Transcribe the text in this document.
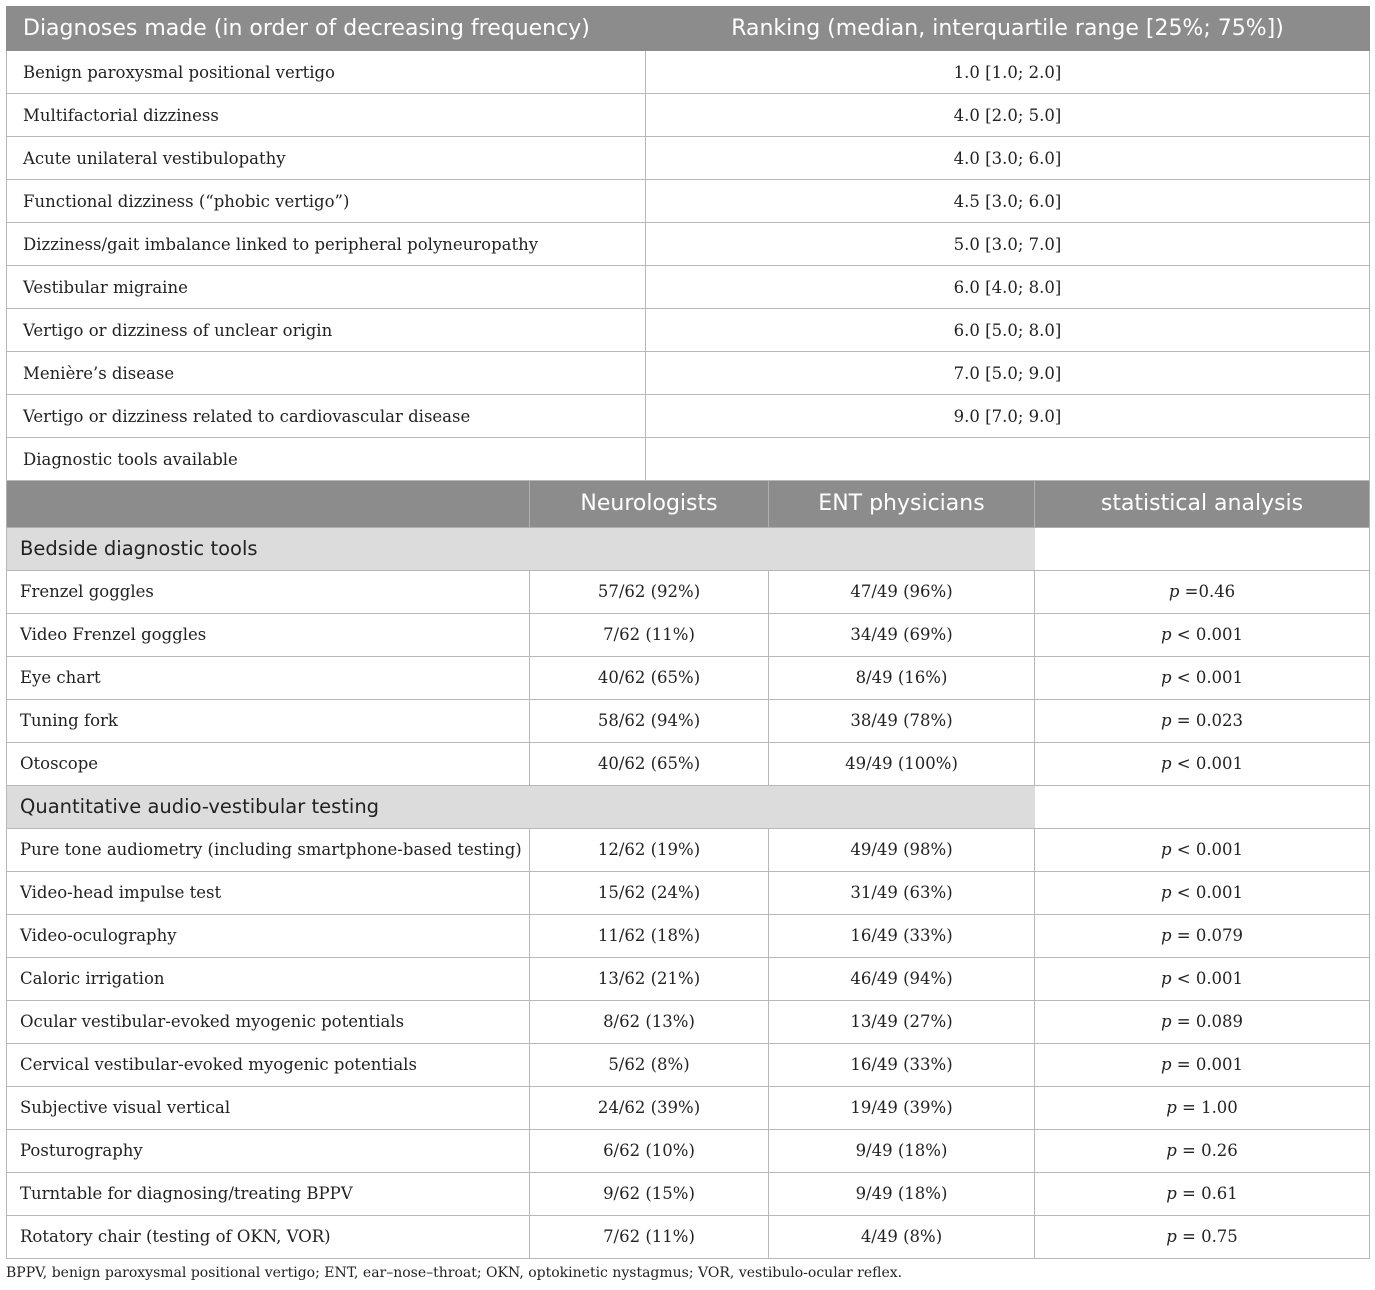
Diagnoses made (in order of decreasing frequency)	Ranking (median, interquartile range [25%; 75%])
Benign paroxysmal positional vertigo	1.0 [1.0; 2.0]
Multifactorial dizziness	4.0 [2.0; 5.0]
Acute unilateral vestibulopathy	4.0 [3.0; 6.0]
Functional dizziness (“phobic vertigo”)	4.5 [3.0; 6.0]
Dizziness/gait imbalance linked to peripheral polyneuropathy	5.0 [3.0; 7.0]
Vestibular migraine	6.0 [4.0; 8.0]
Vertigo or dizziness of unclear origin	6.0 [5.0; 8.0]
Menière’s disease	7.0 [5.0; 9.0]
Vertigo or dizziness related to cardiovascular disease	9.0 [7.0; 9.0]
Diagnostic tools available	
	Neurologists	ENT physicians	statistical analysis
Bedside diagnostic tools			
Frenzel goggles	57/62 (92%)	47/49 (96%)	p =0.46
Video Frenzel goggles	7/62 (11%)	34/49 (69%)	p < 0.001
Eye chart	40/62 (65%)	8/49 (16%)	p < 0.001
Tuning fork	58/62 (94%)	38/49 (78%)	p = 0.023
Otoscope	40/62 (65%)	49/49 (100%)	p < 0.001
Quantitative audio-vestibular testing			
Pure tone audiometry (including smartphone-based testing)	12/62 (19%)	49/49 (98%)	p < 0.001
Video-head impulse test	15/62 (24%)	31/49 (63%)	p < 0.001
Video-oculography	11/62 (18%)	16/49 (33%)	p = 0.079
Caloric irrigation	13/62 (21%)	46/49 (94%)	p < 0.001
Ocular vestibular-evoked myogenic potentials	8/62 (13%)	13/49 (27%)	p = 0.089
Cervical vestibular-evoked myogenic potentials	5/62 (8%)	16/49 (33%)	p = 0.001
Subjective visual vertical	24/62 (39%)	19/49 (39%)	p = 1.00
Posturography	6/62 (10%)	9/49 (18%)	p = 0.26
Turntable for diagnosing/treating BPPV	9/62 (15%)	9/49 (18%)	p = 0.61
Rotatory chair (testing of OKN, VOR)	7/62 (11%)	4/49 (8%)	p = 0.75
BPPV, benign paroxysmal positional vertigo; ENT, ear–nose–throat; OKN, optokinetic nystagmus; VOR, vestibulo-ocular reflex.
